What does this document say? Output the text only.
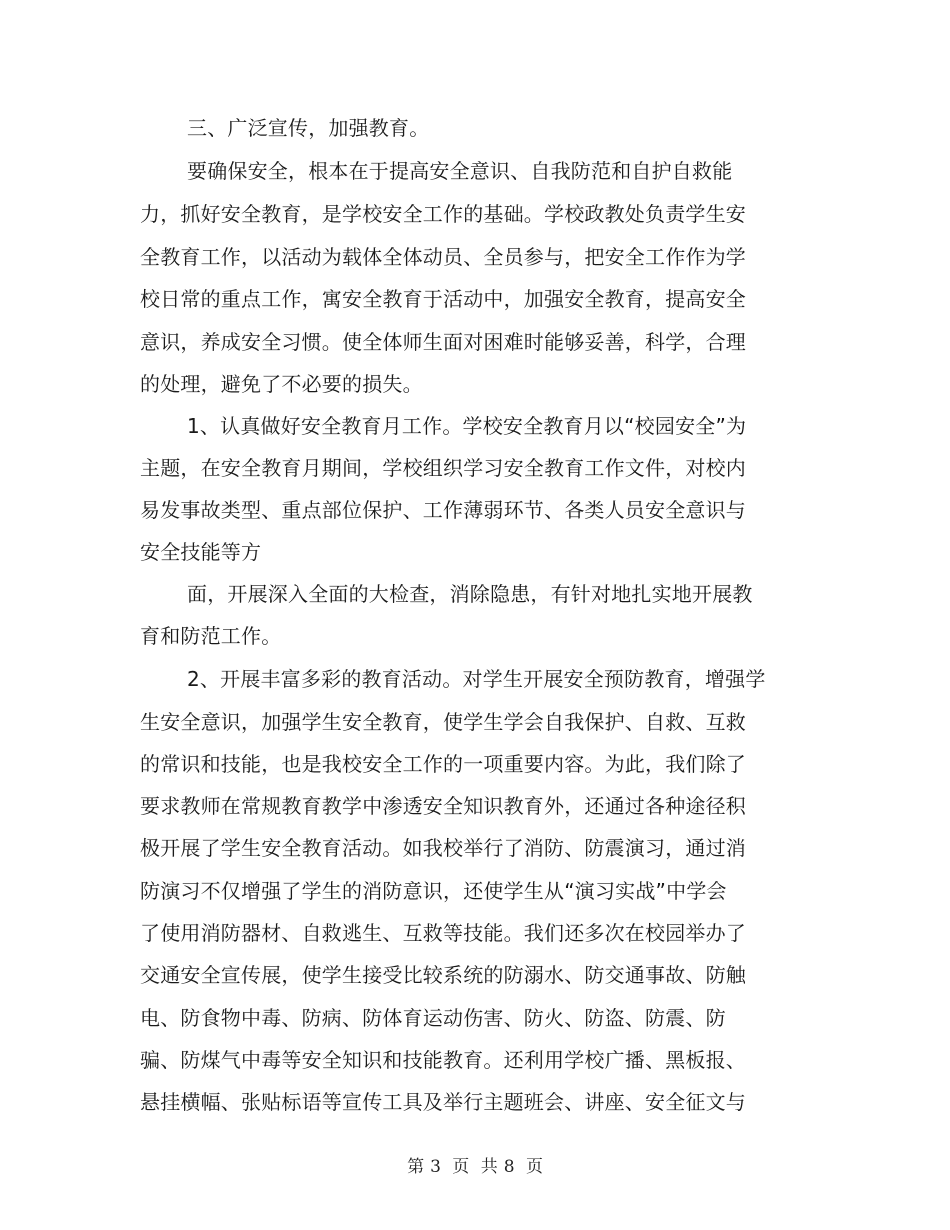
三、广泛宣传，加强教育。
要确保安全，根本在于提高安全意识、自我防范和自护自救能
力，抓好安全教育，是学校安全工作的基础。学校政教处负责学生安
全教育工作，以活动为载体全体动员、全员参与，把安全工作作为学
校日常的重点工作，寓安全教育于活动中，加强安全教育，提高安全
意识，养成安全习惯。使全体师生面对困难时能够妥善，科学，合理
的处理，避免了不必要的损失。
1、认真做好安全教育月工作。学校安全教育月以“校园安全”为
主题，在安全教育月期间，学校组织学习安全教育工作文件，对校内
易发事故类型、重点部位保护、工作薄弱环节、各类人员安全意识与
安全技能等方
面，开展深入全面的大检查，消除隐患，有针对地扎实地开展教
育和防范工作。
2、开展丰富多彩的教育活动。对学生开展安全预防教育，增强学
生安全意识，加强学生安全教育，使学生学会自我保护、自救、互救
的常识和技能，也是我校安全工作的一项重要内容。为此，我们除了
要求教师在常规教育教学中渗透安全知识教育外，还通过各种途径积
极开展了学生安全教育活动。如我校举行了消防、防震演习，通过消
防演习不仅增强了学生的消防意识，还使学生从“演习实战”中学会
了使用消防器材、自救逃生、互救等技能。我们还多次在校园举办了
交通安全宣传展，使学生接受比较系统的防溺水、防交通事故、防触
电、防食物中毒、防病、防体育运动伤害、防火、防盗、防震、防
骗、防煤气中毒等安全知识和技能教育。还利用学校广播、黑板报、
悬挂横幅、张贴标语等宣传工具及举行主题班会、讲座、安全征文与
第 3 页 共 8 页
